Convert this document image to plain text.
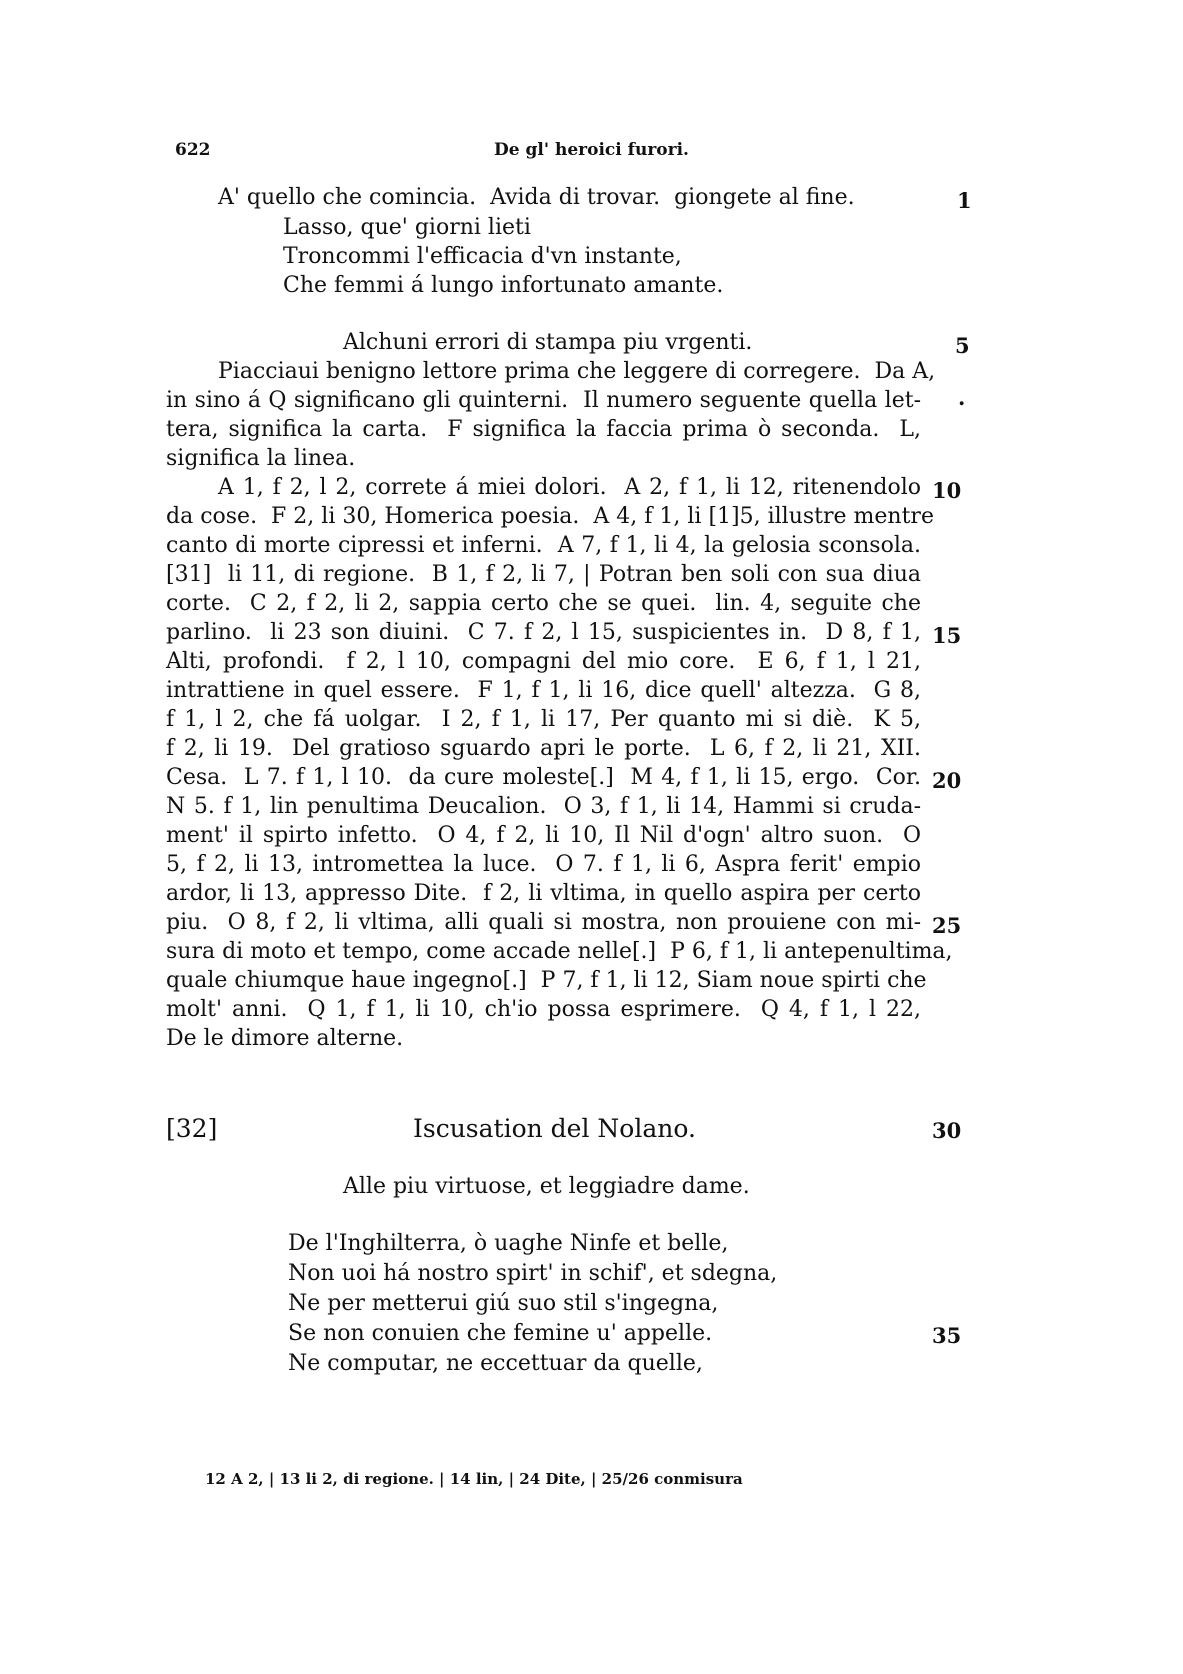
622	De gl' heroici furori.
A' quello che comincia.  Avida di trovar.  giongete al fine.
Lasso, que' giorni lieti
Troncommi l'efficacia d'vn instante,
Che femmi á lungo infortunato amante.
Alchuni errori di stampa piu vrgenti.
Piacciaui benigno lettore prima che leggere di corregere.  Da A,
in sino á Q significano gli quinterni.  Il numero seguente quella let-
tera, significa la carta.  F significa la faccia prima ò seconda.  L,
significa la linea.
A 1, f 2, l 2, correte á miei dolori.  A 2, f 1, li 12, ritenendolo
da cose.  F 2, li 30, Homerica poesia.  A 4, f 1, li [1]5, illustre mentre
canto di morte cipressi et inferni.  A 7, f 1, li 4, la gelosia sconsola.
[31]  li 11, di regione.  B 1, f 2, li 7, | Potran ben soli con sua diua
corte.  C 2, f 2, li 2, sappia certo che se quei.  lin. 4, seguite che
parlino.  li 23 son diuini.  C 7. f 2, l 15, suspicientes in.  D 8, f 1,
Alti, profondi.  f 2, l 10, compagni del mio core.  E 6, f 1, l 21,
intrattiene in quel essere.  F 1, f 1, li 16, dice quell' altezza.  G 8,
f 1, l 2, che fá uolgar.  I 2, f 1, li 17, Per quanto mi si diè.  K 5,
f 2, li 19.  Del gratioso sguardo apri le porte.  L 6, f 2, li 21, XII.
Cesa.  L 7. f 1, l 10.  da cure moleste[.]  M 4, f 1, li 15, ergo.  Cor.
N 5. f 1, lin penultima Deucalion.  O 3, f 1, li 14, Hammi si cruda-
ment' il spirto infetto.  O 4, f 2, li 10, Il Nil d'ogn' altro suon.  O
5, f 2, li 13, intromettea la luce.  O 7. f 1, li 6, Aspra ferit' empio
ardor, li 13, appresso Dite.  f 2, li vltima, in quello aspira per certo
piu.  O 8, f 2, li vltima, alli quali si mostra, non prouiene con mi-
sura di moto et tempo, come accade nelle[.]  P 6, f 1, li antepenultima,
quale chiumque haue ingegno[.]  P 7, f 1, li 12, Siam noue spirti che
molt' anni.  Q 1, f 1, li 10, ch'io possa esprimere.  Q 4, f 1, l 22,
De le dimore alterne.
[32]	Iscusation del Nolano.
Alle piu virtuose, et leggiadre dame.
De l'Inghilterra, ò uaghe Ninfe et belle,
Non uoi há nostro spirt' in schif', et sdegna,
Ne per metterui giú suo stil s'ingegna,
Se non conuien che femine u' appelle.
Ne computar, ne eccettuar da quelle,
1
5
.
10
15
20
25
30
35
12 A 2, | 13 li 2, di regione. | 14 lin, | 24 Dite, | 25/26 conmisura
